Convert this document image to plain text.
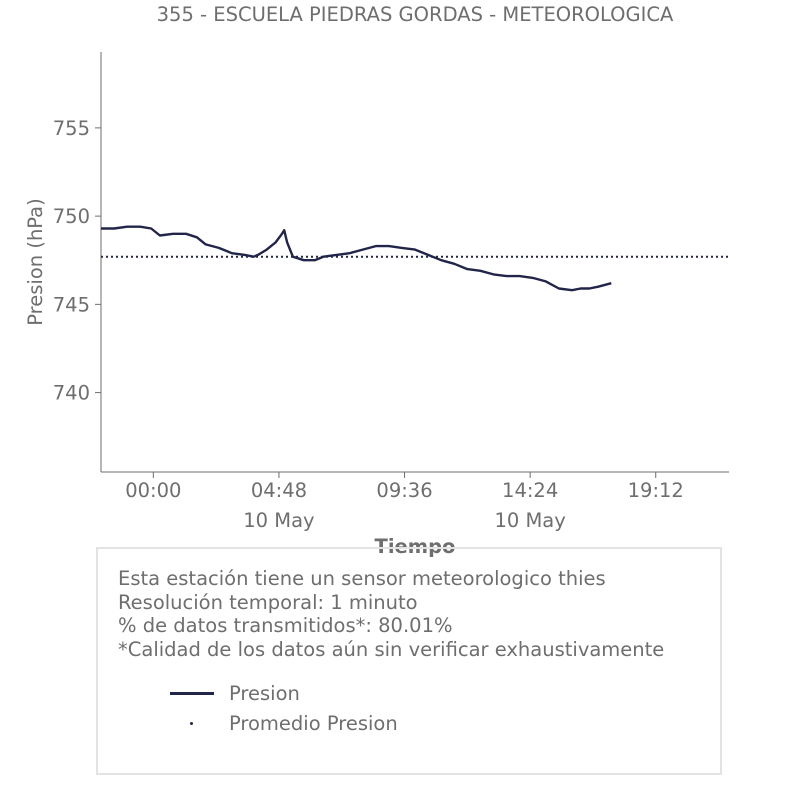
355 - ESCUELA PIEDRAS GORDAS - METEOROLOGICA
Presion (hPa)
Tiempo
740
745
750
755
00:00	04:48
10 May
09:36	14:24
10 May
19:12
Esta estación tiene un sensor meteorologico thies
Resolución temporal: 1 minuto
% de datos transmitidos*: 80.01%
*Calidad de los datos aún sin verificar exhaustivamente
Presion
Promedio Presion
